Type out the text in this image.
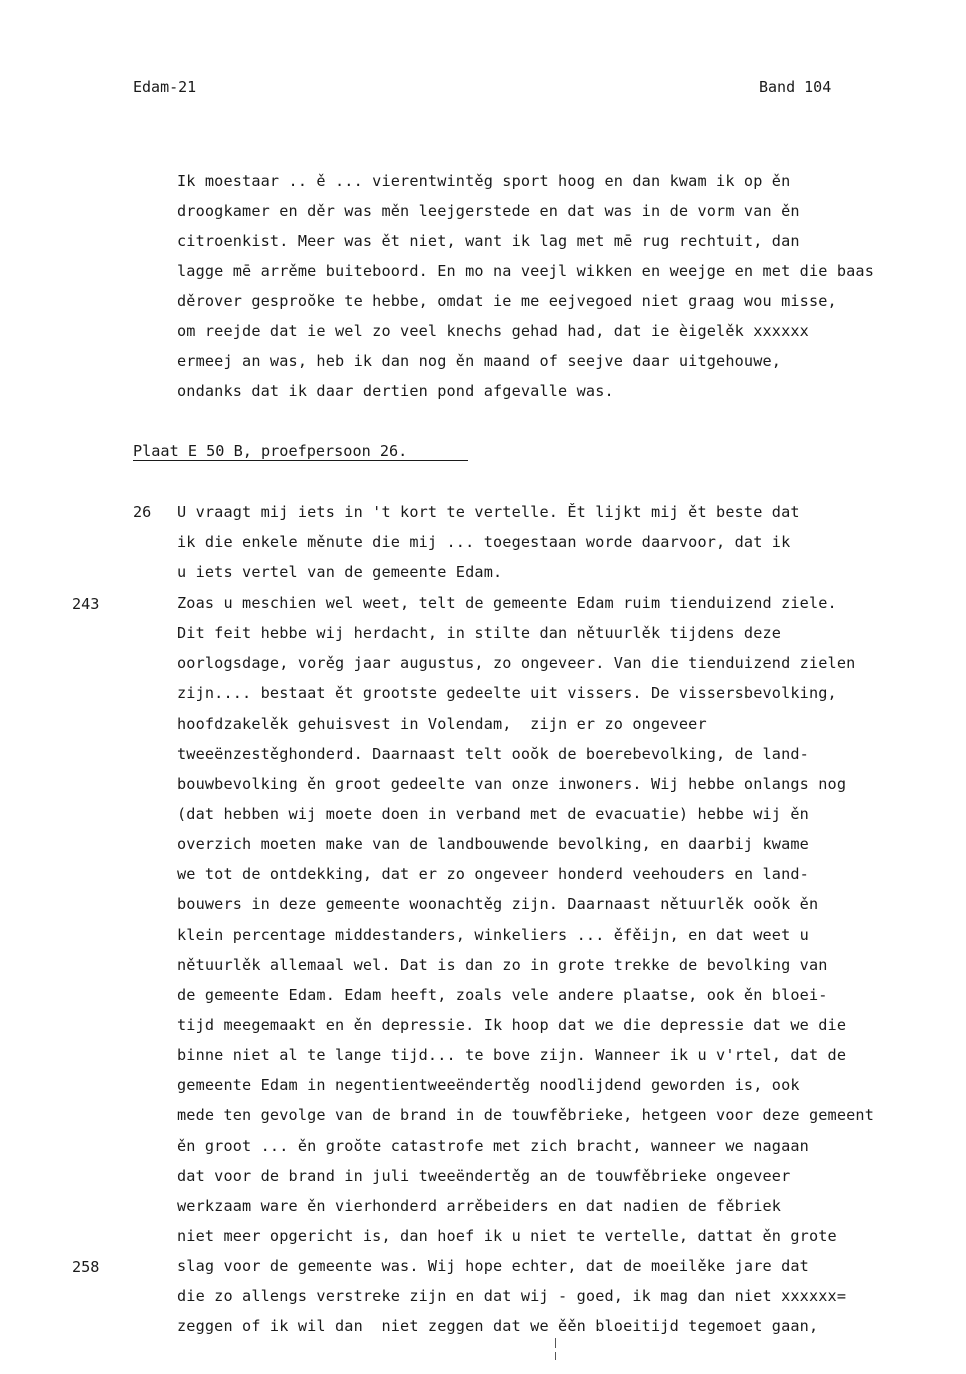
Edam-21	Band 104
Ik moestaar .. ě ... vierentwintěg sport hoog en dan kwam ik op ěn
droogkamer en děr was měn leejgerstede en dat was in de vorm van ěn
citroenkist. Meer was ět niet, want ik lag met mē rug rechtuit, dan
lagge mē arrěme buiteboord. En mo na veejl wikken en weejge en met die baas
děrover gesproŏke te hebbe, omdat ie me eejvegoed niet graag wou misse,
om reejde dat ie wel zo veel knechs gehad had, dat ie èigelěk xxxxxx
ermeej an was, heb ik dan nog ěn maand of seejve daar uitgehouwe,
ondanks dat ik daar dertien pond afgevalle was.
Plaat E 50 B, proefpersoon 26.
26 U vraagt mij iets in 't kort te vertelle. Ět lijkt mij ět beste dat
ik die enkele měnute die mij ... toegestaan worde daarvoor, dat ik
u iets vertel van de gemeente Edam.
243
258
Zoas u meschien wel weet, telt de gemeente Edam ruim tienduizend ziele.
Dit feit hebbe wij herdacht, in stilte dan nětuurlěk tijdens deze
oorlogsdage, vorěg jaar augustus, zo ongeveer. Van die tienduizend zielen
zijn.... bestaat ět grootste gedeelte uit vissers. De vissersbevolking,
hoofdzakelěk gehuisvest in Volendam,  zijn er zo ongeveer
tweeënzestěghonderd. Daarnaast telt ooŏk de boerebevolking, de land-
bouwbevolking ěn groot gedeelte van onze inwoners. Wij hebbe onlangs nog
(dat hebben wij moete doen in verband met de evacuatie) hebbe wij ěn
overzich moeten make van de landbouwende bevolking, en daarbij kwame
we tot de ontdekking, dat er zo ongeveer honderd veehouders en land-
bouwers in deze gemeente woonachtěg zijn. Daarnaast nětuurlěk ooŏk ěn
klein percentage middestanders, winkeliers ... ěfěijn, en dat weet u
nětuurlěk allemaal wel. Dat is dan zo in grote trekke de bevolking van
de gemeente Edam. Edam heeft, zoals vele andere plaatse, ook ěn bloei-
tijd meegemaakt en ěn depressie. Ik hoop dat we die depressie dat we die
binne niet al te lange tijd... te bove zijn. Wanneer ik u v'rtel, dat de
gemeente Edam in negentientweeëndertěg noodlijdend geworden is, ook
mede ten gevolge van de brand in de touwfěbrieke, hetgeen voor deze gemeent
ěn groot ... ěn groŏte catastrofe met zich bracht, wanneer we nagaan
dat voor de brand in juli tweeëndertěg an de touwfěbrieke ongeveer
werkzaam ware ěn vierhonderd arrěbeiders en dat nadien de fěbriek
niet meer opgericht is, dan hoef ik u niet te vertelle, dattat ěn grote
slag voor de gemeente was. Wij hope echter, dat de moeilěke jare dat
die zo allengs verstreke zijn en dat wij - goed, ik mag dan niet xxxxxx=
zeggen of ik wil dan  niet zeggen dat we ěěn bloeitijd tegemoet gaan,
